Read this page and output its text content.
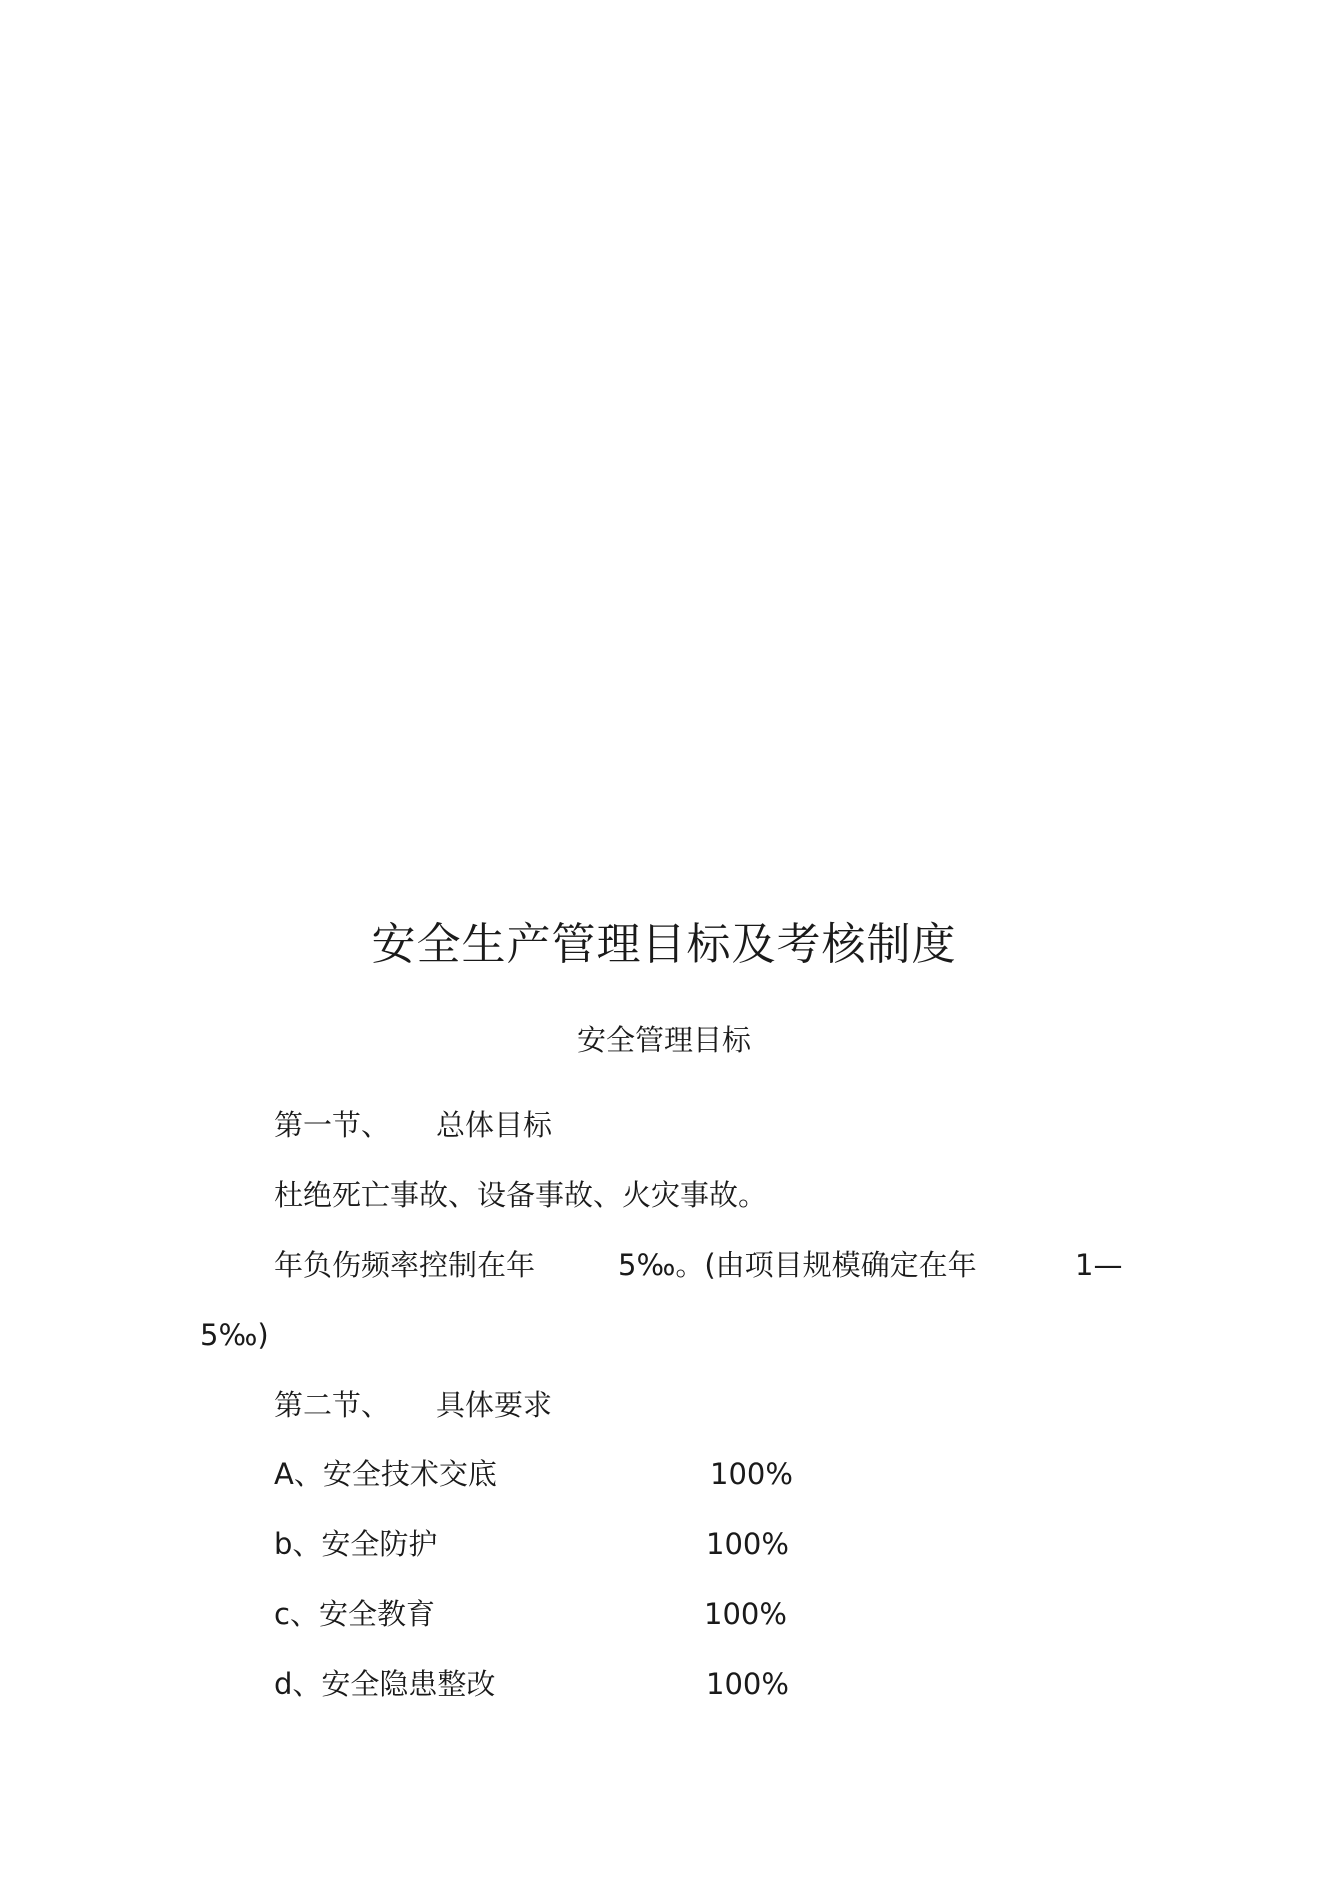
安全生产管理目标及考核制度
安全管理目标
第一节、 总体目标
杜绝死亡事故、设备事故、火灾事故。
年负伤频率控制在年	5‰。(由项目规模确定在年	1—
5‰)
第二节、 具体要求
A、安全技术交底	100%
b、安全防护	100%
c、安全教育	100%
d、安全隐患整改	100%
